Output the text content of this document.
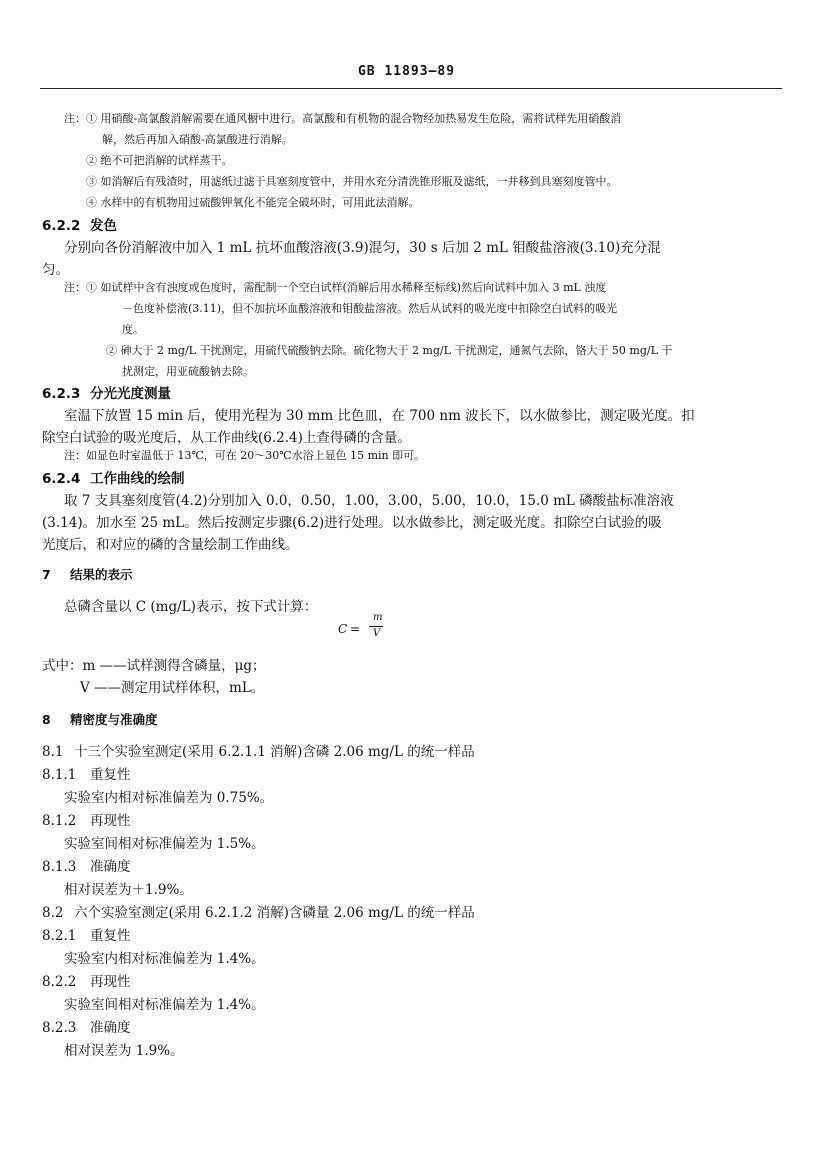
GB 11893—89
注：① 用硝酸-高氯酸消解需要在通风橱中进行。高氯酸和有机物的混合物经加热易发生危险，需将试样先用硝酸消
解，然后再加入硝酸-高氯酸进行消解。
② 绝不可把消解的试样蒸干。
③ 如消解后有残渣时，用滤纸过滤于具塞刻度管中，并用水充分清洗锥形瓶及滤纸，一并移到具塞刻度管中。
④ 水样中的有机物用过硫酸钾氧化不能完全破坏时，可用此法消解。
6.2.2 发色
分别向各份消解液中加入 1 mL 抗坏血酸溶液(3.9)混匀，30 s 后加 2 mL 钼酸盐溶液(3.10)充分混
匀。
注：① 如试样中含有浊度或色度时，需配制一个空白试样(消解后用水稀释至标线)然后向试料中加入 3 mL 浊度
－色度补偿液(3.11)，但不加抗坏血酸溶液和钼酸盐溶液。然后从试料的吸光度中扣除空白试料的吸光
度。
② 砷大于 2 mg/L 干扰测定，用硫代硫酸钠去除。硫化物大于 2 mg/L 干扰测定，通氮气去除，铬大于 50 mg/L 干
扰测定，用亚硫酸钠去除。
6.2.3 分光光度测量
室温下放置 15 min 后，使用光程为 30 mm 比色皿，在 700 nm 波长下，以水做参比，测定吸光度。扣
除空白试验的吸光度后，从工作曲线(6.2.4)上查得磷的含量。
注：如显色时室温低于 13℃，可在 20～30℃水浴上显色 15 min 即可。
6.2.4 工作曲线的绘制
取 7 支具塞刻度管(4.2)分别加入 0.0，0.50，1.00，3.00，5.00，10.0，15.0 mL 磷酸盐标准溶液
(3.14)。加水至 25 mL。然后按测定步骤(6.2)进行处理。以水做参比，测定吸光度。扣除空白试验的吸
光度后，和对应的磷的含量绘制工作曲线。
7 结果的表示
总磷含量以 C (mg/L)表示，按下式计算：
C =
m
V
式中：m ——试样测得含磷量，μg；
V ——测定用试样体积，mL。
8 精密度与准确度
8.1 十三个实验室测定(采用 6.2.1.1 消解)含磷 2.06 mg/L 的统一样品
8.1.1 重复性
实验室内相对标准偏差为 0.75%。
8.1.2 再现性
实验室间相对标准偏差为 1.5%。
8.1.3 准确度
相对误差为＋1.9%。
8.2 六个实验室测定(采用 6.2.1.2 消解)含磷量 2.06 mg/L 的统一样品
8.2.1 重复性
实验室内相对标准偏差为 1.4%。
8.2.2 再现性
实验室间相对标准偏差为 1.4%。
8.2.3 准确度
相对误差为 1.9%。
